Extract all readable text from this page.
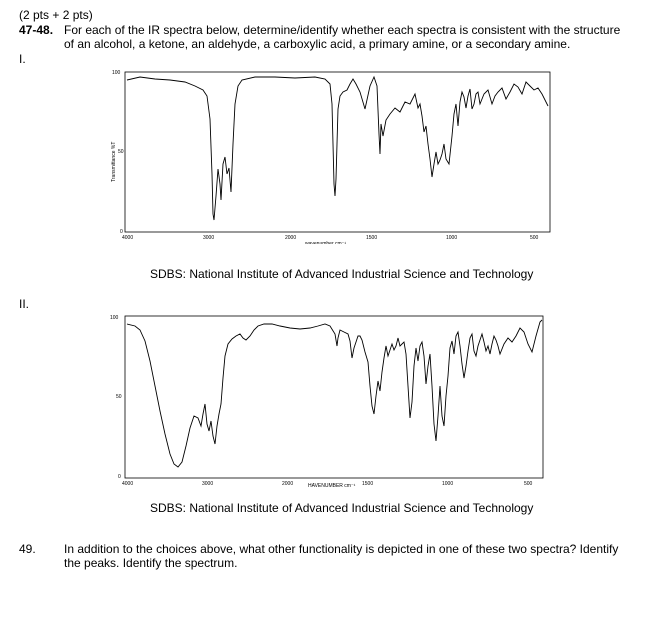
(2 pts + 2 pts)
47-48. For each of the IR spectra below, determine/identify whether each spectra is consistent with the structure
of an alcohol, a ketone, an aldehyde, a carboxylic acid, a primary amine, or a secondary amine.
I.
100
50
0
Transmittance %T
4000	3000	2000	1500	1000	500
wavenumber cm⁻¹
SDBS: National Institute of Advanced Industrial Science and Technology
II.
100
50
0
4000	3000	2000	1500	1000	500
HAVENUMBER cm⁻¹
SDBS: National Institute of Advanced Industrial Science and Technology
49. In addition to the choices above, what other functionality is depicted in one of these two spectra? Identify
the peaks. Identify the spectrum.
